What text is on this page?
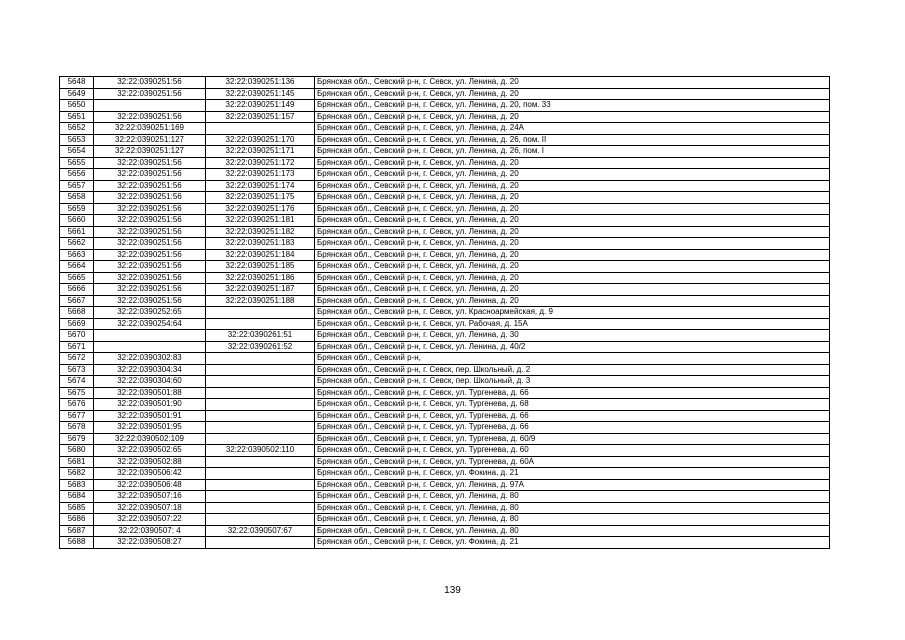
5648	32:22:0390251:56	32:22:0390251:136	Брянская обл., Севский р-н, г. Севск, ул. Ленина, д. 20
5649	32:22:0390251:56	32:22:0390251:145	Брянская обл., Севский р-н, г. Севск, ул. Ленина, д. 20
5650		32:22:0390251:149	Брянская обл., Севский р-н, г. Севск, ул. Ленина, д. 20, пом. 33
5651	32:22:0390251:56	32:22:0390251:157	Брянская обл., Севский р-н, г. Севск, ул. Ленина, д. 20
5652	32:22:0390251:169		Брянская обл., Севский р-н, г. Севск, ул. Ленина, д. 24А
5653	32:22:0390251:127	32:22:0390251:170	Брянская обл., Севский р-н, г. Севск, ул. Ленина, д. 26, пом. II
5654	32:22:0390251:127	32:22:0390251:171	Брянская обл., Севский р-н, г. Севск, ул. Ленина, д. 26, пом. I
5655	32:22:0390251:56	32:22:0390251:172	Брянская обл., Севский р-н, г. Севск, ул. Ленина, д. 20
5656	32:22:0390251:56	32:22:0390251:173	Брянская обл., Севский р-н, г. Севск, ул. Ленина, д. 20
5657	32:22:0390251:56	32:22:0390251:174	Брянская обл., Севский р-н, г. Севск, ул. Ленина, д. 20
5658	32:22:0390251:56	32:22:0390251:175	Брянская обл., Севский р-н, г. Севск, ул. Ленина, д. 20
5659	32:22:0390251:56	32:22:0390251:176	Брянская обл., Севский р-н, г. Севск, ул. Ленина, д. 20
5660	32:22:0390251:56	32:22:0390251:181	Брянская обл., Севский р-н, г. Севск, ул. Ленина, д. 20
5661	32:22:0390251:56	32:22:0390251:182	Брянская обл., Севский р-н, г. Севск, ул. Ленина, д. 20
5662	32:22:0390251:56	32:22:0390251:183	Брянская обл., Севский р-н, г. Севск, ул. Ленина, д. 20
5663	32:22:0390251:56	32:22:0390251:184	Брянская обл., Севский р-н, г. Севск, ул. Ленина, д. 20
5664	32:22:0390251:56	32:22:0390251:185	Брянская обл., Севский р-н, г. Севск, ул. Ленина, д. 20
5665	32:22:0390251:56	32:22:0390251:186	Брянская обл., Севский р-н, г. Севск, ул. Ленина, д. 20
5666	32:22:0390251:56	32:22:0390251:187	Брянская обл., Севский р-н, г. Севск, ул. Ленина, д. 20
5667	32:22:0390251:56	32:22:0390251:188	Брянская обл., Севский р-н, г. Севск, ул. Ленина, д. 20
5668	32:22:0390252:65		Брянская обл., Севский р-н, г. Севск, ул. Красноармейская, д. 9
5669	32:22:0390254:64		Брянская обл., Севский р-н, г. Севск, ул. Рабочая, д. 15А
5670		32:22:0390261:51	Брянская обл., Севский р-н, г. Севск, ул. Ленина, д. 30
5671		32:22:0390261:52	Брянская обл., Севский р-н, г. Севск, ул. Ленина, д. 40/2
5672	32:22:0390302:83		Брянская обл., Севский р-н,
5673	32:22:0390304:34		Брянская обл., Севский р-н, г. Севск, пер. Школьный, д. 2
5674	32:22:0390304:60		Брянская обл., Севский р-н, г. Севск, пер. Школьный, д. 3
5675	32:22:0390501:88		Брянская обл., Севский р-н, г. Севск, ул. Тургенева, д. 66
5676	32:22:0390501:90		Брянская обл., Севский р-н, г. Севск, ул. Тургенева, д. 68
5677	32:22:0390501:91		Брянская обл., Севский р-н, г. Севск, ул. Тургенева, д. 66
5678	32:22:0390501:95		Брянская обл., Севский р-н, г. Севск, ул. Тургенева, д. 66
5679	32:22:0390502:109		Брянская обл., Севский р-н, г. Севск, ул. Тургенева, д. 60/9
5680	32:22:0390502:65	32:22:0390502:110	Брянская обл., Севский р-н, г. Севск, ул. Тургенева, д. 60
5681	32:22:0390502:88		Брянская обл., Севский р-н, г. Севск, ул. Тургенева, д. 60А
5682	32:22:0390506:42		Брянская обл., Севский р-н, г. Севск, ул. Фокина, д. 21
5683	32:22:0390506:48		Брянская обл., Севский р-н, г. Севск, ул. Ленина, д. 97А
5684	32:22:0390507:16		Брянская обл., Севский р-н, г. Севск, ул. Ленина, д. 80
5685	32:22:0390507:18		Брянская обл., Севский р-н, г. Севск, ул. Ленина, д. 80
5686	32:22:0390507:22		Брянская обл., Севский р-н, г. Севск, ул. Ленина, д. 80
5687	32:22:0390507: 4	32:22:0390507:67	Брянская обл., Севский р-н, г. Севск, ул. Ленина, д. 80
5688	32:22:0390508:27		Брянская обл., Севский р-н, г. Севск, ул. Фокина, д. 21
139
